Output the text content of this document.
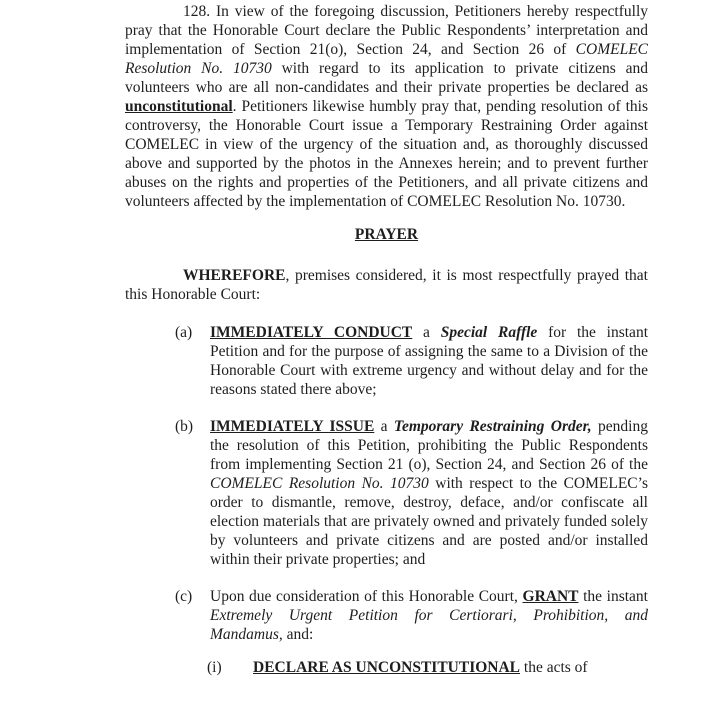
128. In view of the foregoing discussion, Petitioners hereby respectfully pray that the Honorable Court declare the Public Respondents’ interpretation and implementation of Section 21(o), Section 24, and Section 26 of COMELEC Resolution No. 10730 with regard to its application to private citizens and volunteers who are all non-candidates and their private properties be declared as unconstitutional. Petitioners likewise humbly pray that, pending resolution of this controversy, the Honorable Court issue a Temporary Restraining Order against COMELEC in view of the urgency of the situation and, as thoroughly discussed above and supported by the photos in the Annexes herein; and to prevent further abuses on the rights and properties of the Petitioners, and all private citizens and volunteers affected by the implementation of COMELEC Resolution No. 10730.

PRAYER

WHEREFORE, premises considered, it is most respectfully prayed that this Honorable Court:

(a)	IMMEDIATELY CONDUCT a Special Raffle for the instant Petition and for the purpose of assigning the same to a Division of the Honorable Court with extreme urgency and without delay and for the reasons stated there above;
(b)	IMMEDIATELY ISSUE a Temporary Restraining Order, pending the resolution of this Petition, prohibiting the Public Respondents from implementing Section 21 (o), Section 24, and Section 26 of the COMELEC Resolution No. 10730 with respect to the COMELEC’s order to dismantle, remove, destroy, deface, and/or confiscate all election materials that are privately owned and privately funded solely by volunteers and private citizens and are posted and/or installed within their private properties; and
(c)	Upon due consideration of this Honorable Court, GRANT the instant Extremely Urgent Petition for Certiorari, Prohibition, and Mandamus, and:
(i)	DECLARE AS UNCONSTITUTIONAL the acts of
